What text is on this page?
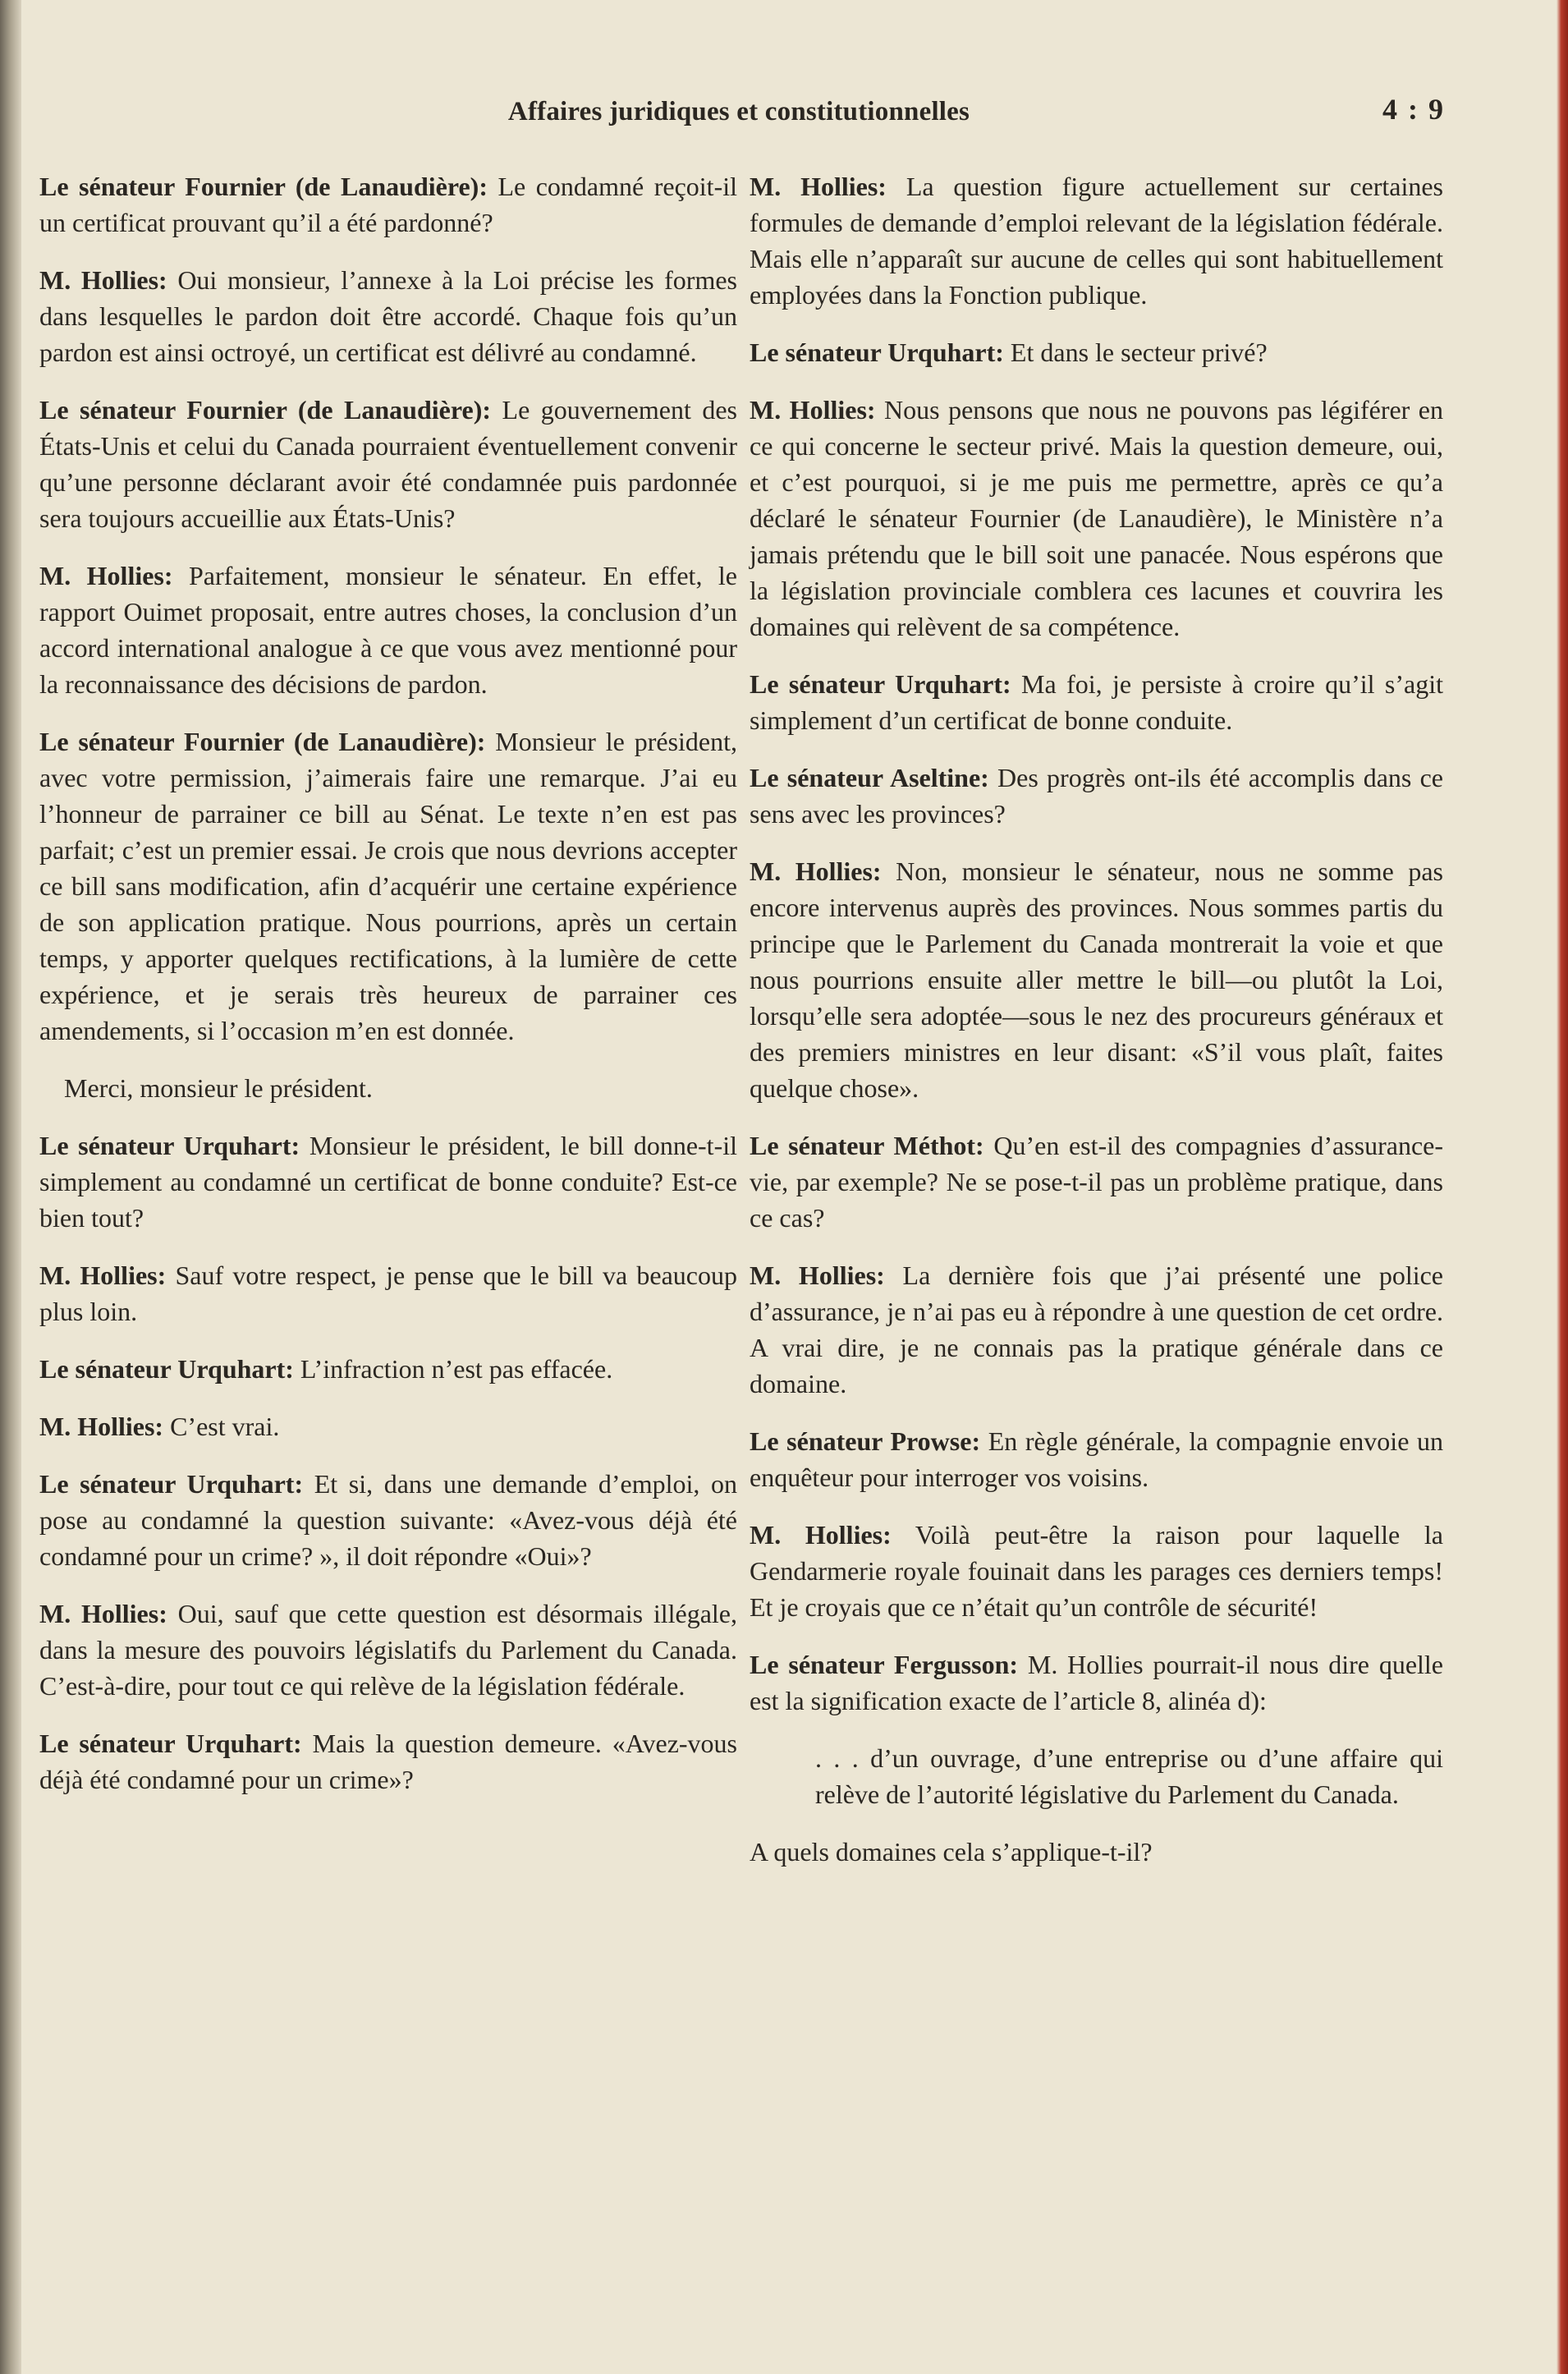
Affaires juridiques et constitutionnelles	4 : 9

Le sénateur Fournier (de Lanaudière): Le condamné reçoit-il un certificat prouvant qu’il a été pardonné?

M. Hollies: Oui monsieur, l’annexe à la Loi précise les formes dans lesquelles le pardon doit être accordé. Chaque fois qu’un pardon est ainsi octroyé, un certificat est délivré au condamné.

Le sénateur Fournier (de Lanaudière): Le gouvernement des États-Unis et celui du Canada pourraient éventuellement convenir qu’une personne déclarant avoir été condamnée puis pardonnée sera toujours accueillie aux États-Unis?

M. Hollies: Parfaitement, monsieur le sénateur. En effet, le rapport Ouimet proposait, entre autres choses, la conclusion d’un accord international analogue à ce que vous avez mentionné pour la reconnaissance des décisions de pardon.

Le sénateur Fournier (de Lanaudière): Monsieur le président, avec votre permission, j’aimerais faire une remarque. J’ai eu l’honneur de parrainer ce bill au Sénat. Le texte n’en est pas parfait; c’est un premier essai. Je crois que nous devrions accepter ce bill sans modification, afin d’acquérir une certaine expérience de son application pratique. Nous pourrions, après un certain temps, y apporter quelques rectifications, à la lumière de cette expérience, et je serais très heureux de parrainer ces amendements, si l’occasion m’en est donnée.

Merci, monsieur le président.

Le sénateur Urquhart: Monsieur le président, le bill donne-t-il simplement au condamné un certificat de bonne conduite? Est-ce bien tout?

M. Hollies: Sauf votre respect, je pense que le bill va beaucoup plus loin.

Le sénateur Urquhart: L’infraction n’est pas effacée.

M. Hollies: C’est vrai.

Le sénateur Urquhart: Et si, dans une demande d’emploi, on pose au condamné la question suivante: «Avez-vous déjà été condamné pour un crime? », il doit répondre «Oui»?

M. Hollies: Oui, sauf que cette question est désormais illégale, dans la mesure des pouvoirs législatifs du Parlement du Canada. C’est-à-dire, pour tout ce qui relève de la législation fédérale.

Le sénateur Urquhart: Mais la question demeure. «Avez-vous déjà été condamné pour un crime»?

M. Hollies: La question figure actuellement sur certaines formules de demande d’emploi relevant de la législation fédérale. Mais elle n’apparaît sur aucune de celles qui sont habituellement employées dans la Fonction publique.

Le sénateur Urquhart: Et dans le secteur privé?

M. Hollies: Nous pensons que nous ne pouvons pas légiférer en ce qui concerne le secteur privé. Mais la question demeure, oui, et c’est pourquoi, si je me puis me permettre, après ce qu’a déclaré le sénateur Fournier (de Lanaudière), le Ministère n’a jamais prétendu que le bill soit une panacée. Nous espérons que la législation provinciale comblera ces lacunes et couvrira les domaines qui relèvent de sa compétence.

Le sénateur Urquhart: Ma foi, je persiste à croire qu’il s’agit simplement d’un certificat de bonne conduite.

Le sénateur Aseltine: Des progrès ont-ils été accomplis dans ce sens avec les provinces?

M. Hollies: Non, monsieur le sénateur, nous ne somme pas encore intervenus auprès des provinces. Nous sommes partis du principe que le Parlement du Canada montrerait la voie et que nous pourrions ensuite aller mettre le bill—ou plutôt la Loi, lorsqu’elle sera adoptée—sous le nez des procureurs généraux et des premiers ministres en leur disant: «S’il vous plaît, faites quelque chose».

Le sénateur Méthot: Qu’en est-il des compagnies d’assurance-vie, par exemple? Ne se pose-t-il pas un problème pratique, dans ce cas?

M. Hollies: La dernière fois que j’ai présenté une police d’assurance, je n’ai pas eu à répondre à une question de cet ordre. A vrai dire, je ne connais pas la pratique générale dans ce domaine.

Le sénateur Prowse: En règle générale, la compagnie envoie un enquêteur pour interroger vos voisins.

M. Hollies: Voilà peut-être la raison pour laquelle la Gendarmerie royale fouinait dans les parages ces derniers temps! Et je croyais que ce n’était qu’un contrôle de sécurité!

Le sénateur Fergusson: M. Hollies pourrait-il nous dire quelle est la signification exacte de l’article 8, alinéa d):

. . . d’un ouvrage, d’une entreprise ou d’une affaire qui relève de l’autorité législative du Parlement du Canada.

A quels domaines cela s’applique-t-il?
